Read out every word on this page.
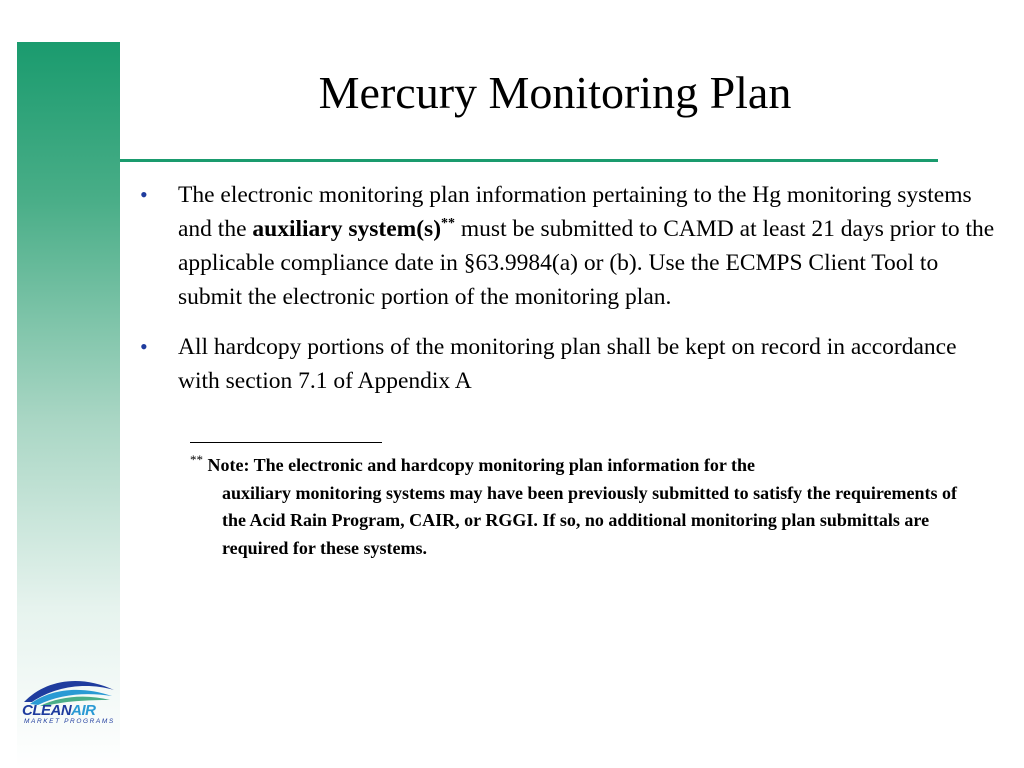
Mercury Monitoring Plan
• The electronic monitoring plan information pertaining to the Hg monitoring systems and the auxiliary system(s)** must be submitted to CAMD at least 21 days prior to the applicable compliance date in §63.9984(a) or (b). Use the ECMPS Client Tool to submit the electronic portion of the monitoring plan.
• All hardcopy portions of the monitoring plan shall be kept on record in accordance with section 7.1 of Appendix A
** Note: The electronic and hardcopy monitoring plan information for the
auxiliary monitoring systems may have been previously submitted to satisfy the requirements of the Acid Rain Program, CAIR, or RGGI. If so, no additional monitoring plan submittals are required for these systems.
CLEANAIR
MARKET PROGRAMS
